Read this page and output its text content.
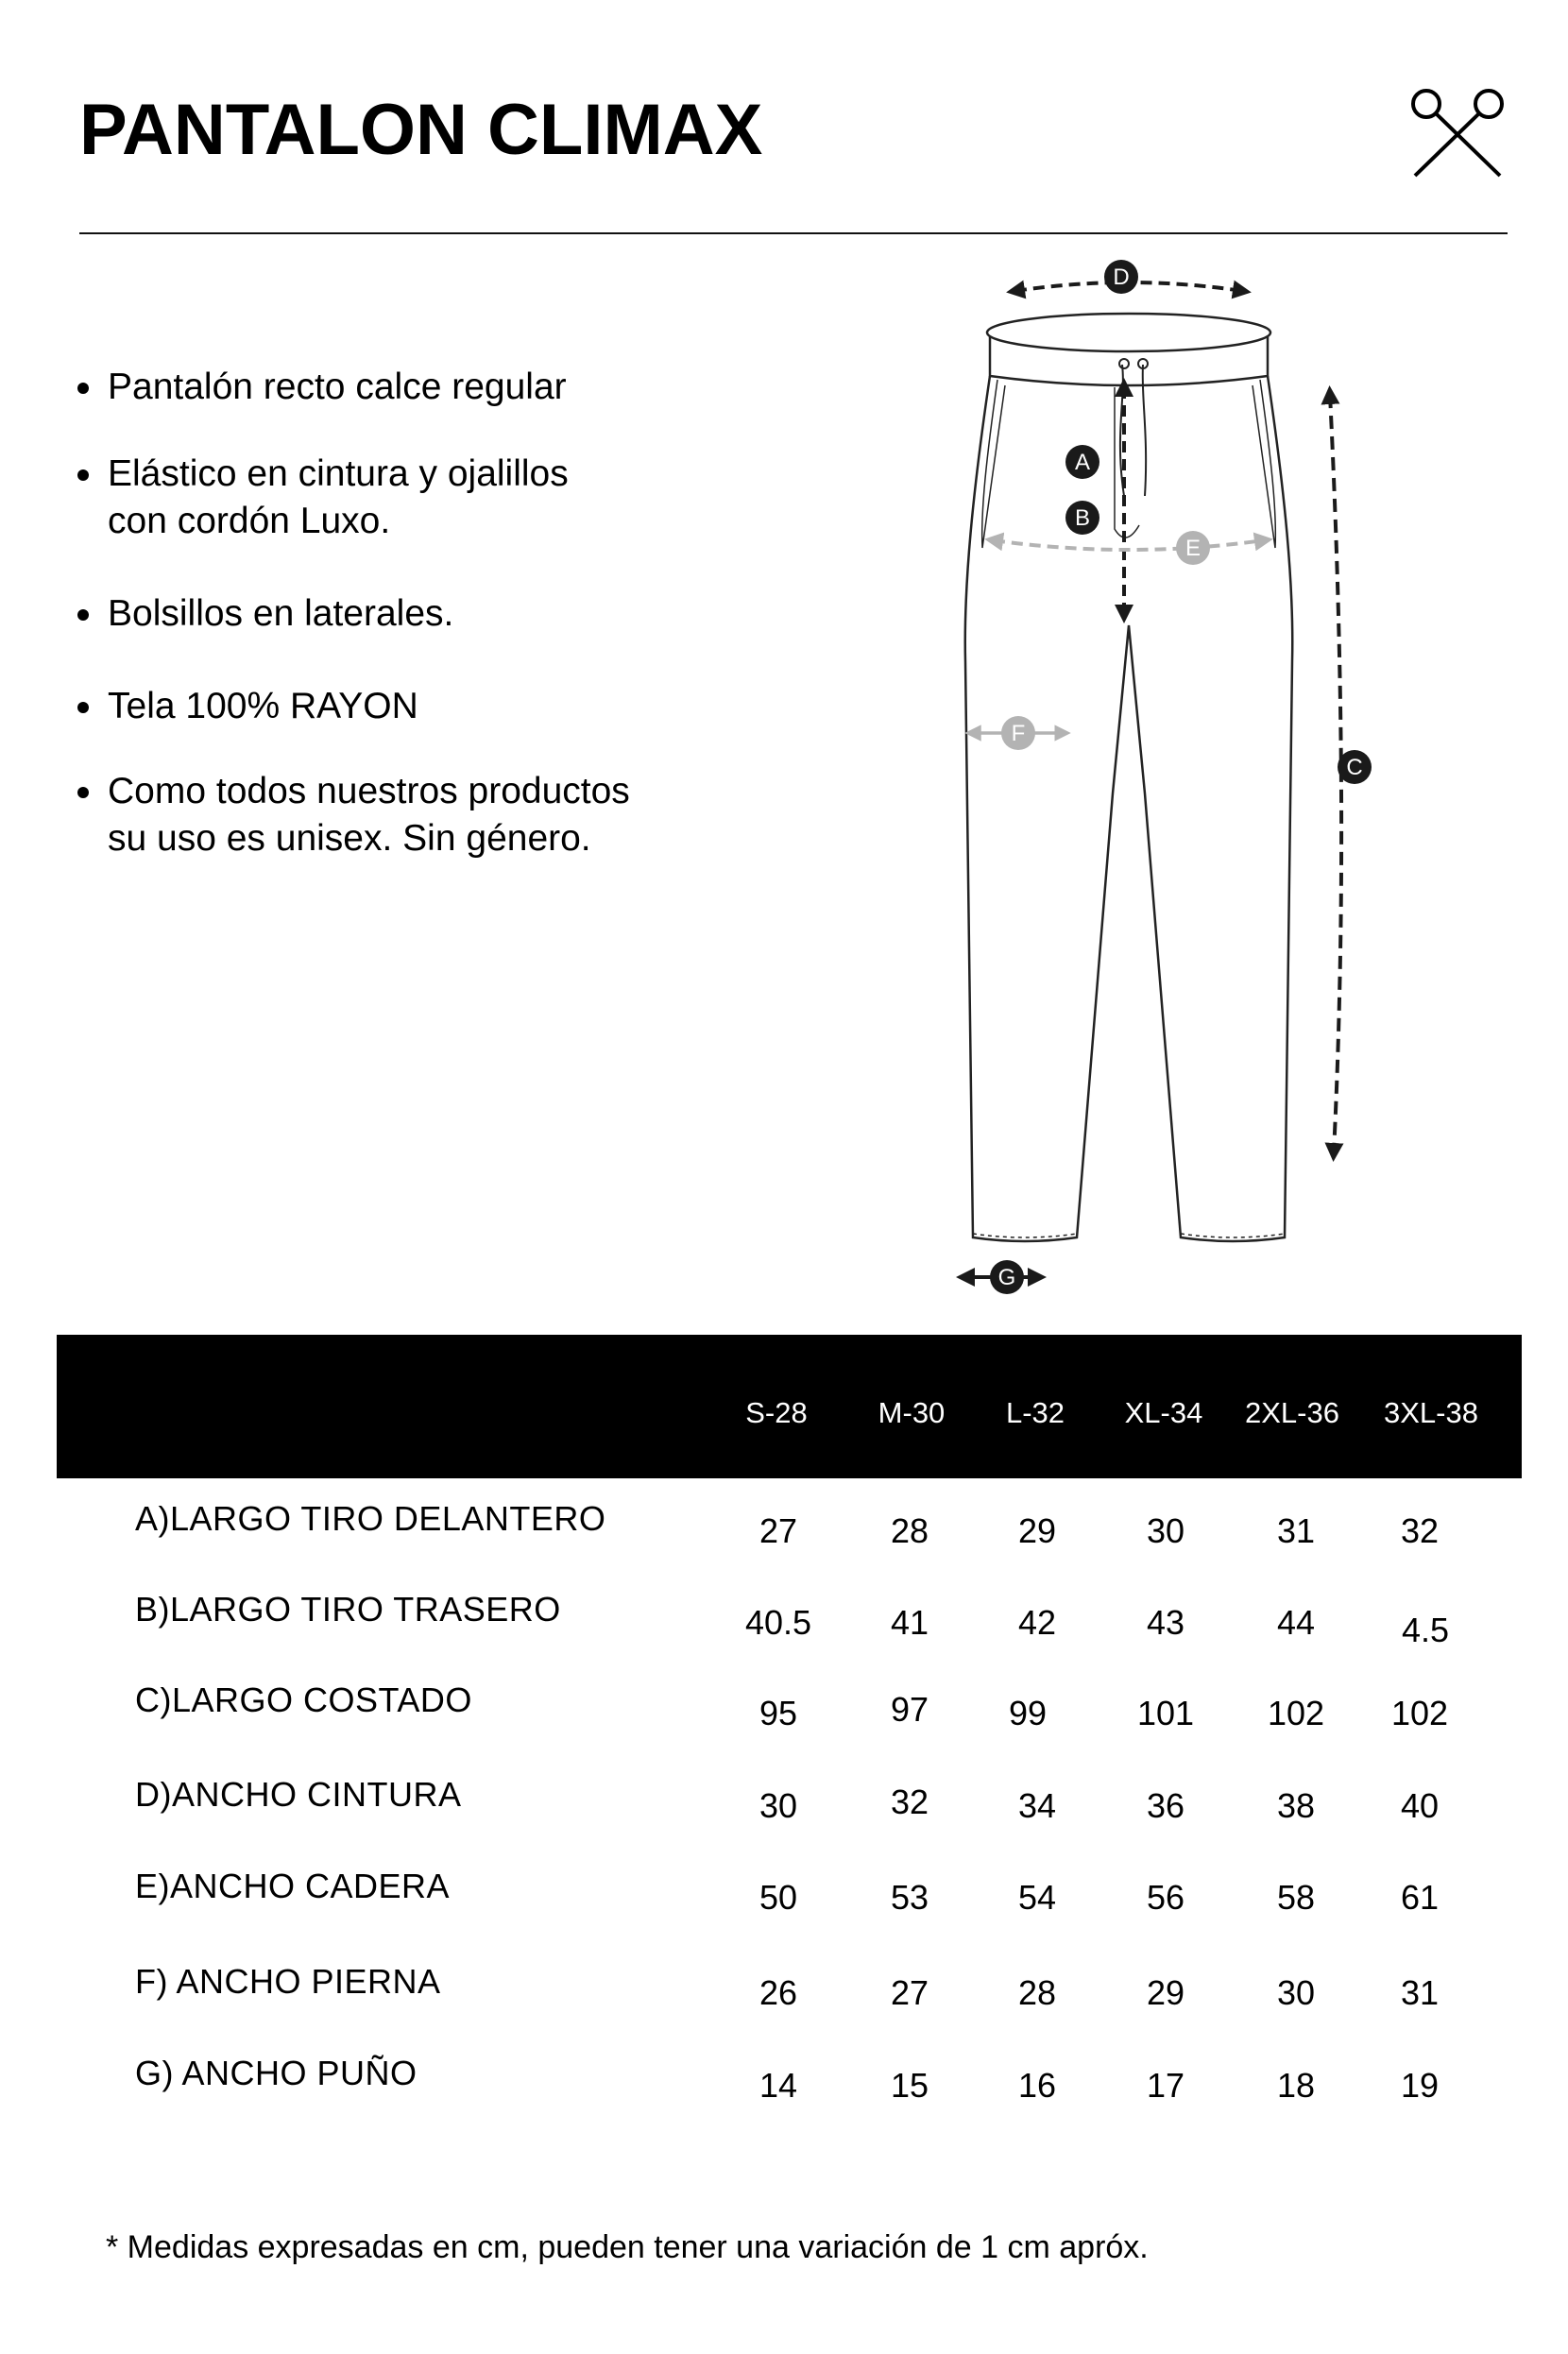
PANTALON CLIMAX
Pantalón recto calce regular
Elástico en cintura y ojalillos con cordón Luxo.
Bolsillos en laterales.
Tela 100% RAYON
Como todos nuestros productos su uso es unisex. Sin género.
D
A
B
E
F
C
G
S-28	M-30	L-32	XL-34	2XL-36	3XL-38
A)LARGO TIRO DELANTERO	27	28	29	30	31	32
B)LARGO TIRO TRASERO	40.5	41	42	43	44	4.5
C)LARGO COSTADO	95	97	99	101	102	102
D)ANCHO CINTURA	30	32	34	36	38	40
E)ANCHO CADERA	50	53	54	56	58	61
F) ANCHO PIERNA	26	27	28	29	30	31
G) ANCHO PUÑO	14	15	16	17	18	19
* Medidas expresadas en cm, pueden tener una variación de 1 cm apróx.
